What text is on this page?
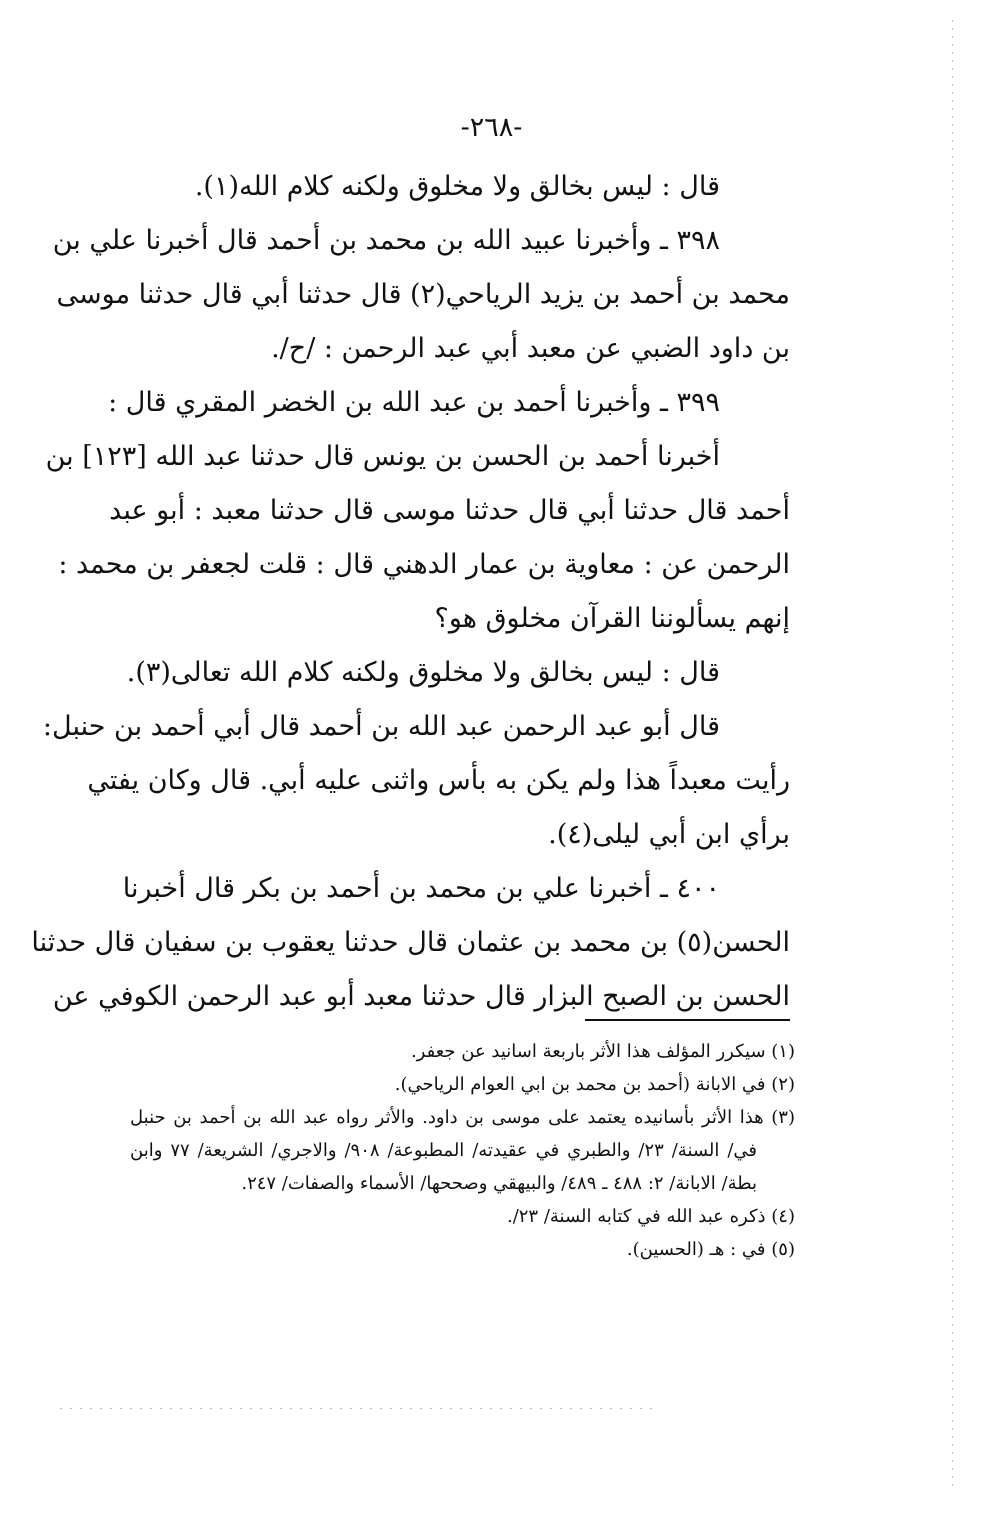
-٢٦٨-
قال : ليس بخالق ولا مخلوق ولكنه كلام الله(١).
٣٩٨ ـ وأخبرنا عبيد الله بن محمد بن أحمد قال أخبرنا علي بن
محمد بن أحمد بن يزيد الرياحي(٢) قال حدثنا أبي قال حدثنا موسى
بن داود الضبي عن معبد أبي عبد الرحمن : /ح/.
٣٩٩ ـ وأخبرنا أحمد بن عبد الله بن الخضر المقري قال :
أخبرنا أحمد بن الحسن بن يونس قال حدثنا عبد الله [١٢٣] بن
أحمد قال حدثنا أبي قال حدثنا موسى قال حدثنا معبد : أبو عبد
الرحمن عن : معاوية بن عمار الدهني قال : قلت لجعفر بن محمد :
إنهم يسألوننا القرآن مخلوق هو؟
قال : ليس بخالق ولا مخلوق ولكنه كلام الله تعالى(٣).
قال أبو عبد الرحمن عبد الله بن أحمد قال أبي أحمد بن حنبل:
رأيت معبداً هذا ولم يكن به بأس واثنى عليه أبي. قال وكان يفتي
برأي ابن أبي ليلى(٤).
٤٠٠ ـ أخبرنا علي بن محمد بن أحمد بن بكر قال أخبرنا
الحسن(٥) بن محمد بن عثمان قال حدثنا يعقوب بن سفيان قال حدثنا
الحسن بن الصبح البزار قال حدثنا معبد أبو عبد الرحمن الكوفي عن
(١) سيكرر المؤلف هذا الأثر باربعة اسانيد عن جعفر.
(٢) في الابانة (أحمد بن محمد بن ابي العوام الرياحي).
(٣) هذا الأثر بأسانيده يعتمد على موسى بن داود. والأثر رواه عبد الله بن أحمد بن حنبل
في/ السنة/ ٢٣/ والطبري في عقيدته/ المطبوعة/ ٩٠٨/ والاجري/ الشريعة/ ٧٧ وابن
بطة/ الابانة/ ٢: ٤٨٨ ـ ٤٨٩/ والبيهقي وصححها/ الأسماء والصفات/ ٢٤٧.
(٤) ذكره عبد الله في كتابه السنة/ ٢٣/.
(٥) في : هـ (الحسين).
